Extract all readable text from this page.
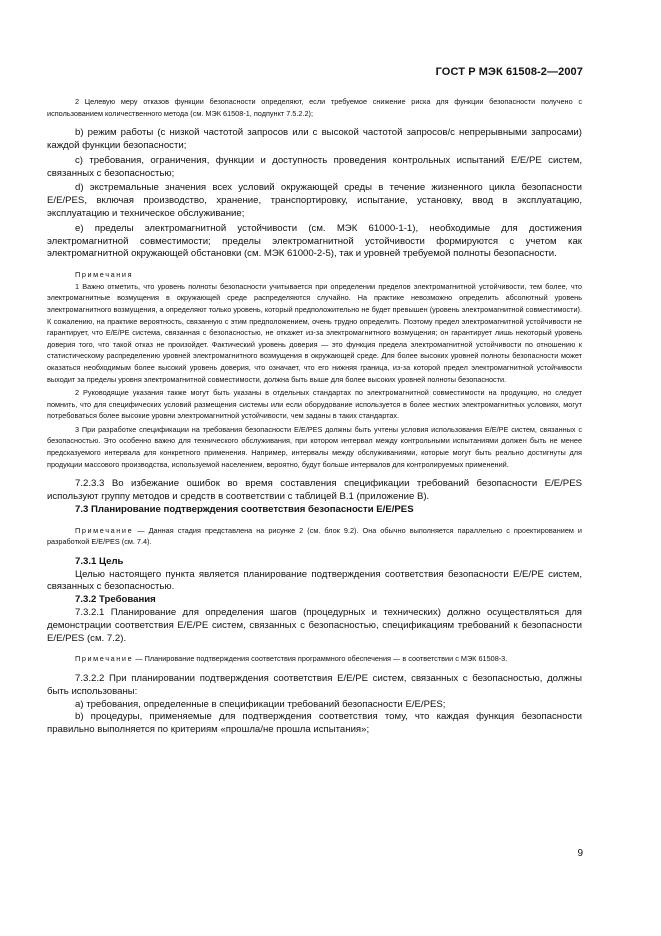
ГОСТ Р МЭК 61508-2—2007

2 Целевую меру отказов функции безопасности определяют, если требуемое снижение риска для функции безопасности получено с использованием количественного метода (см. МЭК 61508-1, подпункт 7.5.2.2);

b) режим работы (с низкой частотой запросов или с высокой частотой запросов/с непрерывными запросами) каждой функции безопасности;

c) требования, ограничения, функции и доступность проведения контрольных испытаний E/E/PE систем, связанных с безопасностью;

d) экстремальные значения всех условий окружающей среды в течение жизненного цикла безопасности E/E/PES, включая производство, хранение, транспортировку, испытание, установку, ввод в эксплуатацию, эксплуатацию и техническое обслуживание;

e) пределы электромагнитной устойчивости (см. МЭК 61000-1-1), необходимые для достижения электромагнитной совместимости; пределы электромагнитной устойчивости формируются с учетом как электромагнитной окружающей обстановки (см. МЭК 61000-2-5), так и уровней требуемой полноты безопасности.

Примечания

1 Важно отметить, что уровень полноты безопасности учитывается при определении пределов электромагнитной устойчивости, тем более, что электромагнитные возмущения в окружающей среде распределяются случайно. На практике невозможно определить абсолютный уровень электромагнитного возмущения, а определяют только уровень, который предположительно не будет превышен (уровень электромагнитной совместимости). К сожалению, на практике вероятность, связанную с этим предположением, очень трудно определить. Поэтому предел электромагнитной устойчивости не гарантирует, что E/E/PE система, связанная с безопасностью, не откажет из-за электромагнитного возмущения; он гарантирует лишь некоторый уровень доверия того, что такой отказ не произойдет. Фактический уровень доверия — это функция предела электромагнитной устойчивости по отношению к статистическому распределению уровней электромагнитного возмущения в окружающей среде. Для более высоких уровней полноты безопасности может оказаться необходимым более высокий уровень доверия, что означает, что его нижняя граница, из-за которой предел электромагнитной устойчивости выходит за пределы уровня электромагнитной совместимости, должна быть выше для более высоких уровней полноты безопасности.

2 Руководящие указания также могут быть указаны в отдельных стандартах по электромагнитной совместимости на продукцию, но следует помнить, что для специфических условий размещения системы или если оборудование используется в более жестких электромагнитных условиях, могут потребоваться более высокие уровни электромагнитной устойчивости, чем заданы в таких стандартах.

3 При разработке спецификации на требования безопасности E/E/PES должны быть учтены условия использования E/E/PE систем, связанных с безопасностью. Это особенно важно для технического обслуживания, при котором интервал между контрольными испытаниями должен быть не менее предсказуемого интервала для конкретного применения. Например, интервалы между обслуживаниями, которые могут быть реально достигнуты для продукции массового производства, используемой населением, вероятно, будут больше интервалов для контролируемых применений.

7.2.3.3 Во избежание ошибок во время составления спецификации требований безопасности E/E/PES используют группу методов и средств в соответствии с таблицей B.1 (приложение B).

7.3 Планирование подтверждения соответствия безопасности E/E/PES

Примечание — Данная стадия представлена на рисунке 2 (см. блок 9.2). Она обычно выполняется параллельно с проектированием и разработкой E/E/PES (см. 7.4).

7.3.1 Цель

Целью настоящего пункта является планирование подтверждения соответствия безопасности E/E/PE систем, связанных с безопасностью.

7.3.2 Требования

7.3.2.1 Планирование для определения шагов (процедурных и технических) должно осуществляться для демонстрации соответствия E/E/PE систем, связанных с безопасностью, спецификациям требований к безопасности E/E/PES (см. 7.2).

Примечание — Планирование подтверждения соответствия программного обеспечения — в соответствии с МЭК 61508-3.

7.3.2.2 При планировании подтверждения соответствия E/E/PE систем, связанных с безопасностью, должны быть использованы:

a) требования, определенные в спецификации требований безопасности E/E/PES;

b) процедуры, применяемые для подтверждения соответствия тому, что каждая функция безопасности правильно выполняется по критериям «прошла/не прошла испытания»;

9
